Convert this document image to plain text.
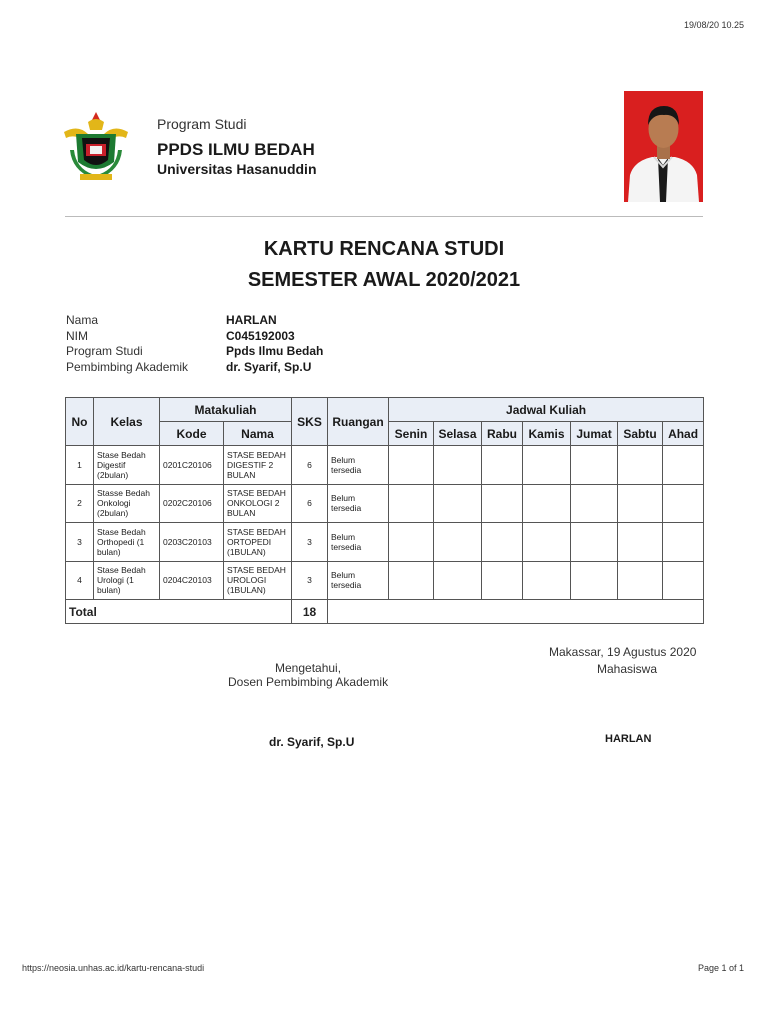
19/08/20 10.25
Program Studi
PPDS ILMU BEDAH
Universitas Hasanuddin
KARTU RENCANA STUDI
SEMESTER AWAL 2020/2021
Nama	HARLAN
NIM	C045192003
Program Studi	Ppds Ilmu Bedah
Pembimbing Akademik	dr. Syarif, Sp.U
No	Kelas	Matakuliah		SKS	Ruangan	Jadwal Kuliah						
		Kode	Nama			Senin	Selasa	Rabu	Kamis	Jumat	Sabtu	Ahad
1	Stase Bedah Digestif (2bulan)	0201C20106	STASE BEDAH DIGESTIF 2 BULAN	6	Belum tersedia							
2	Stasse Bedah Onkologi (2bulan)	0202C20106	STASE BEDAH ONKOLOGI 2 BULAN	6	Belum tersedia							
3	Stase Bedah Orthopedi (1 bulan)	0203C20103	STASE BEDAH ORTOPEDI (1BULAN)	3	Belum tersedia							
4	Stase Bedah Urologi (1 bulan)	0204C20103	STASE BEDAH UROLOGI (1BULAN)	3	Belum tersedia							
Total				18								
Makassar, 19 Agustus 2020
Mahasiswa
Mengetahui,
Dosen Pembimbing Akademik
dr. Syarif, Sp.U	HARLAN
https://neosia.unhas.ac.id/kartu-rencana-studi	Page 1 of 1
